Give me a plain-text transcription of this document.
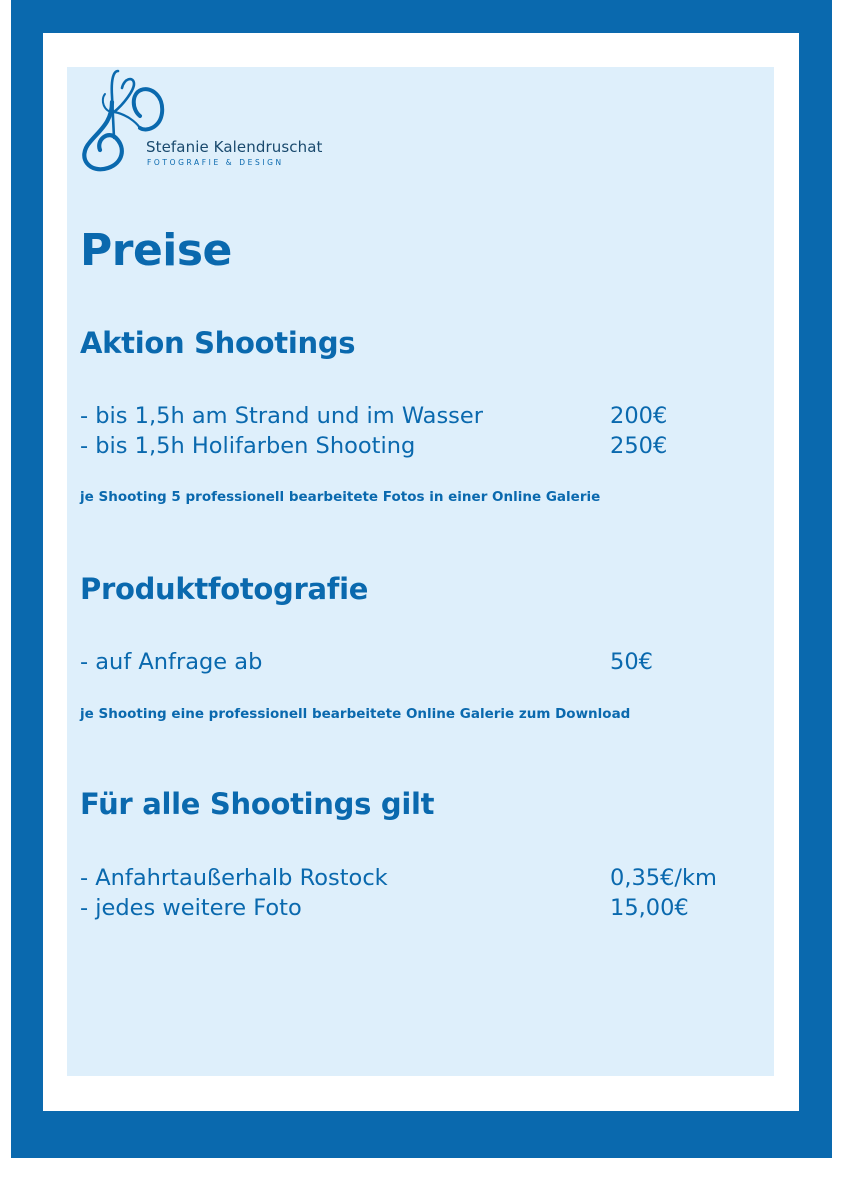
Stefanie Kalendruschat

FOTOGRAFIE & DESIGN

Preise
Aktion Shootings

- bis 1,5h am Strand und im Wasser	200€

- bis 1,5h Holifarben Shooting	250€

je Shooting 5 professionell bearbeitete Fotos in einer Online Galerie

Produktfotografie

- auf Anfrage ab	50€

je Shooting eine professionell bearbeitete Online Galerie zum Download

Für alle Shootings gilt

- Anfahrtaußerhalb Rostock	0,35€/km

- jedes weitere Foto	15,00€
